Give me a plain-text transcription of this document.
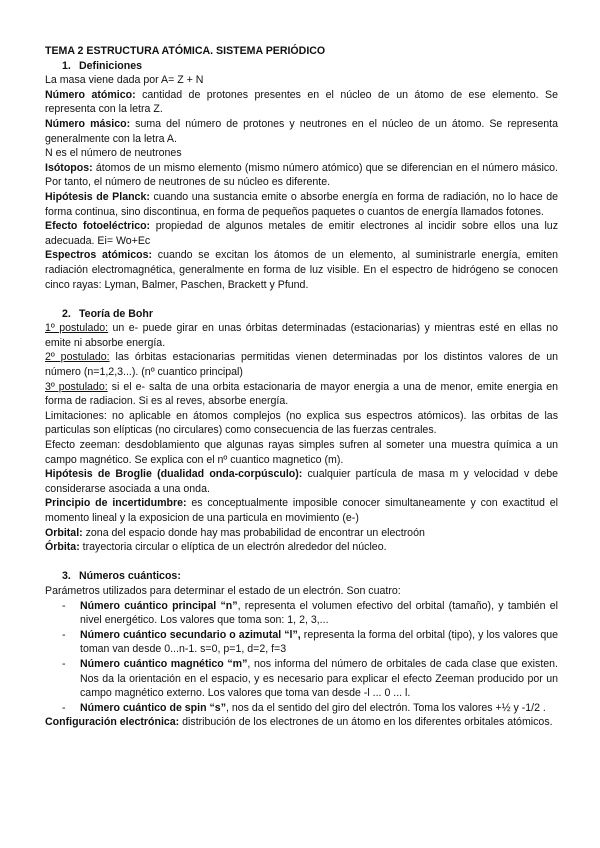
TEMA 2 ESTRUCTURA ATÓMICA. SISTEMA PERIÓDICO

1. Definiciones

La masa viene dada por A= Z + N

Número atómico: cantidad de protones presentes en el núcleo de un átomo de ese elemento. Se representa con la letra Z.

Número másico: suma del número de protones y neutrones en el núcleo de un átomo. Se representa generalmente con la letra A.

N es el número de neutrones

Isótopos: átomos de un mismo elemento (mismo número atómico) que se diferencian en el número másico. Por tanto, el número de neutrones de su núcleo es diferente.

Hipótesis de Planck: cuando una sustancia emite o absorbe energía en forma de radiación, no lo hace de forma continua, sino discontinua, en forma de pequeños paquetes o cuantos de energía llamados fotones.

Efecto fotoeléctrico: propiedad de algunos metales de emitir electrones al incidir sobre ellos una luz adecuada. Ei= Wo+Ec

Espectros atómicos: cuando se excitan los átomos de un elemento, al suministrarle energía, emiten radiación electromagnética, generalmente en forma de luz visible. En el espectro de hidrógeno se conocen cinco rayas: Lyman, Balmer, Paschen, Brackett y Pfund.

2. Teoría de Bohr

1º postulado: un e- puede girar en unas órbitas determinadas (estacionarias) y mientras esté en ellas no emite ni absorbe energía.

2º postulado: las órbitas estacionarias permitidas vienen determinadas por los distintos valores de un número (n=1,2,3...). (nº cuantico principal)

3º postulado: si el e- salta de una orbita estacionaria de mayor energia a una de menor, emite energia en forma de radiacion. Si es al reves, absorbe energía.

Limitaciones: no aplicable en átomos complejos (no explica sus espectros atómicos). las orbitas de las particulas son elípticas (no circulares) como consecuencia de las fuerzas centrales.

Efecto zeeman: desdoblamiento que algunas rayas simples sufren al someter una muestra química a un campo magnético. Se explica con el nº cuantico magnetico (m).

Hipótesis de Broglie (dualidad onda-corpúsculo): cualquier partícula de masa m y velocidad v debe considerarse asociada a una onda.

Principio de incertidumbre: es conceptualmente imposible conocer simultaneamente y con exactitud el momento lineal y la exposicion de una particula en movimiento (e-)

Orbital: zona del espacio donde hay mas probabilidad de encontrar un electroón

Órbita: trayectoria circular o elíptica de un electrón alrededor del núcleo.

3. Números cuánticos:

Parámetros utilizados para determinar el estado de un electrón. Son cuatro:

- Número cuántico principal “n”, representa el volumen efectivo del orbital (tamaño), y también el nivel energético. Los valores que toma son: 1, 2, 3,...
- Número cuántico secundario o azimutal “l”, representa la forma del orbital (tipo), y los valores que toman van desde 0...n-1. s=0, p=1, d=2, f=3
- Número cuántico magnético “m”, nos informa del número de orbitales de cada clase que existen. Nos da la orientación en el espacio, y es necesario para explicar el efecto Zeeman producido por un campo magnético externo. Los valores que toma van desde -l ... 0 ... l.
- Número cuántico de spin “s”, nos da el sentido del giro del electrón. Toma los valores +½ y -1/2 .

Configuración electrónica: distribución de los electrones de un átomo en los diferentes orbitales atómicos.
